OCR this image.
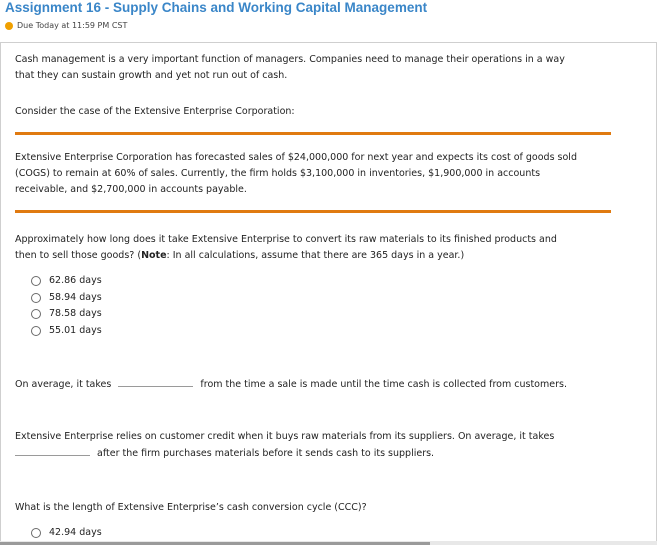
Assignment 16 - Supply Chains and Working Capital Management
Due Today at 11:59 PM CST
Cash management is a very important function of managers. Companies need to manage their operations in a way
that they can sustain growth and yet not run out of cash.
Consider the case of the Extensive Enterprise Corporation:
Extensive Enterprise Corporation has forecasted sales of $24,000,000 for next year and expects its cost of goods sold
(COGS) to remain at 60% of sales. Currently, the firm holds $3,100,000 in inventories, $1,900,000 in accounts
receivable, and $2,700,000 in accounts payable.
Approximately how long does it take Extensive Enterprise to convert its raw materials to its finished products and
then to sell those goods? (Note: In all calculations, assume that there are 365 days in a year.)
62.86 days
58.94 days
78.58 days
55.01 days
On average, it takes	from the time a sale is made until the time cash is collected from customers.
Extensive Enterprise relies on customer credit when it buys raw materials from its suppliers. On average, it takes
after the firm purchases materials before it sends cash to its suppliers.
What is the length of Extensive Enterprise’s cash conversion cycle (CCC)?
42.94 days
